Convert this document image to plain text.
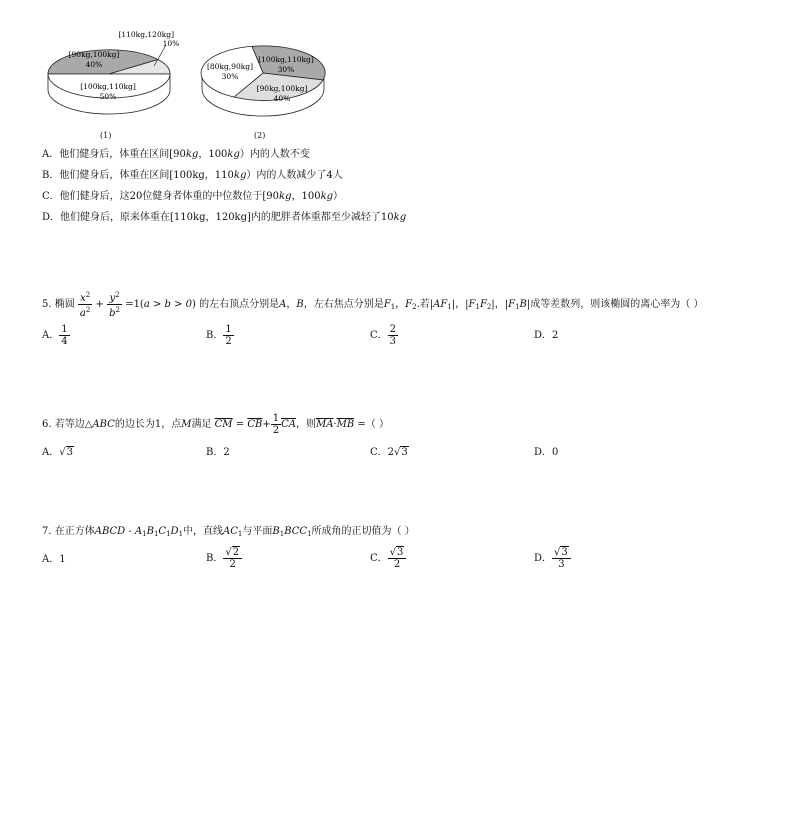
[110kg,120kg]
10%
[90kg,100kg]
40%
[100kg,110kg]
50%
(1)
[80kg,90kg]
30%
[100kg,110kg]
30%
[90kg,100kg]
40%
(2)
A．他们健身后，体重在区间[90kg，100kg）内的人数不变
B．他们健身后，体重在区间[100kg，110kg）内的人数减少了4人
C．他们健身后，这20位健身者体重的中位数位于[90kg，100kg）
D．他们健身后，原来体重在[110kg，120kg]内的肥胖者体重都至少减轻了10kg
5. 椭圆 $\frac{x^2}{a^2} + \frac{y^2}{b^2} =1(a > b > 0)$ 的左右顶点分别是A，B，左右焦点分别是$F_1$，$F_2$.若$|AF_1|$，$|F_1F_2|$，$|F_1B|$成等差数列，则该椭圆的离心率为（ ）
A． $\frac{1}{4}$	B． $\frac{1}{2}$	C． $\frac{2}{3}$	D．2
6. 若等边△ABC的边长为1，点M满足 $\overline{CM} = \overline{CB}+ \frac{1}{2} \overline{CA}$，则$\overline{MA}\cdot\overline{MB}$ =（ ）
A．√3	B．2	C．2√3	D．0
7. 在正方体ABCD - $A_1B_1C_1D_1$中，直线$AC_1$与平面$B_1BCC_1$所成角的正切值为（ ）
A．1	B． $\frac{√2}{2}$	C． $\frac{√3}{2}$	D． $\frac{√3}{3}$
